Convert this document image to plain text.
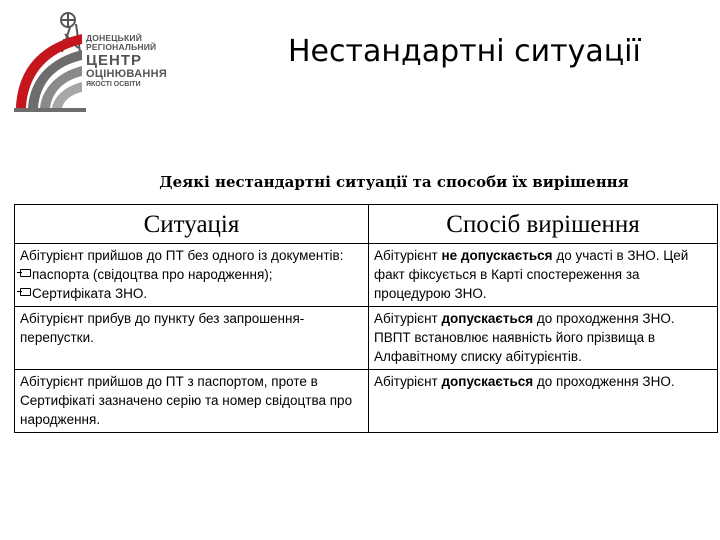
ДОНЕЦЬКИЙ
РЕГІОНАЛЬНИЙ
ЦЕНТР
ОЦІНЮВАННЯ
ЯКОСТІ ОСВІТИ
Нестандартні ситуації
Деякі нестандартні ситуації та способи їх вирішення
Ситуація	Спосіб вирішення

Абітурієнт прийшов до ПТ без одного із документів:
паспорта (свідоцтва про народження);
Сертифіката ЗНО.	Абітурієнт не допускається до участі в ЗНО. Цей факт фіксується в Карті спостереження за процедурою ЗНО.
Абітурієнт прибув до пункту без запрошення-перепустки.	Абітурієнт допускається до проходження ЗНО.
ПВПТ встановлює наявність його прізвища в Алфавітному списку абітурієнтів.

Абітурієнт прийшов до ПТ з паспортом, проте в Сертифікаті зазначено серію та номер свідоцтва про народження.	Абітурієнт допускається до проходження ЗНО.
